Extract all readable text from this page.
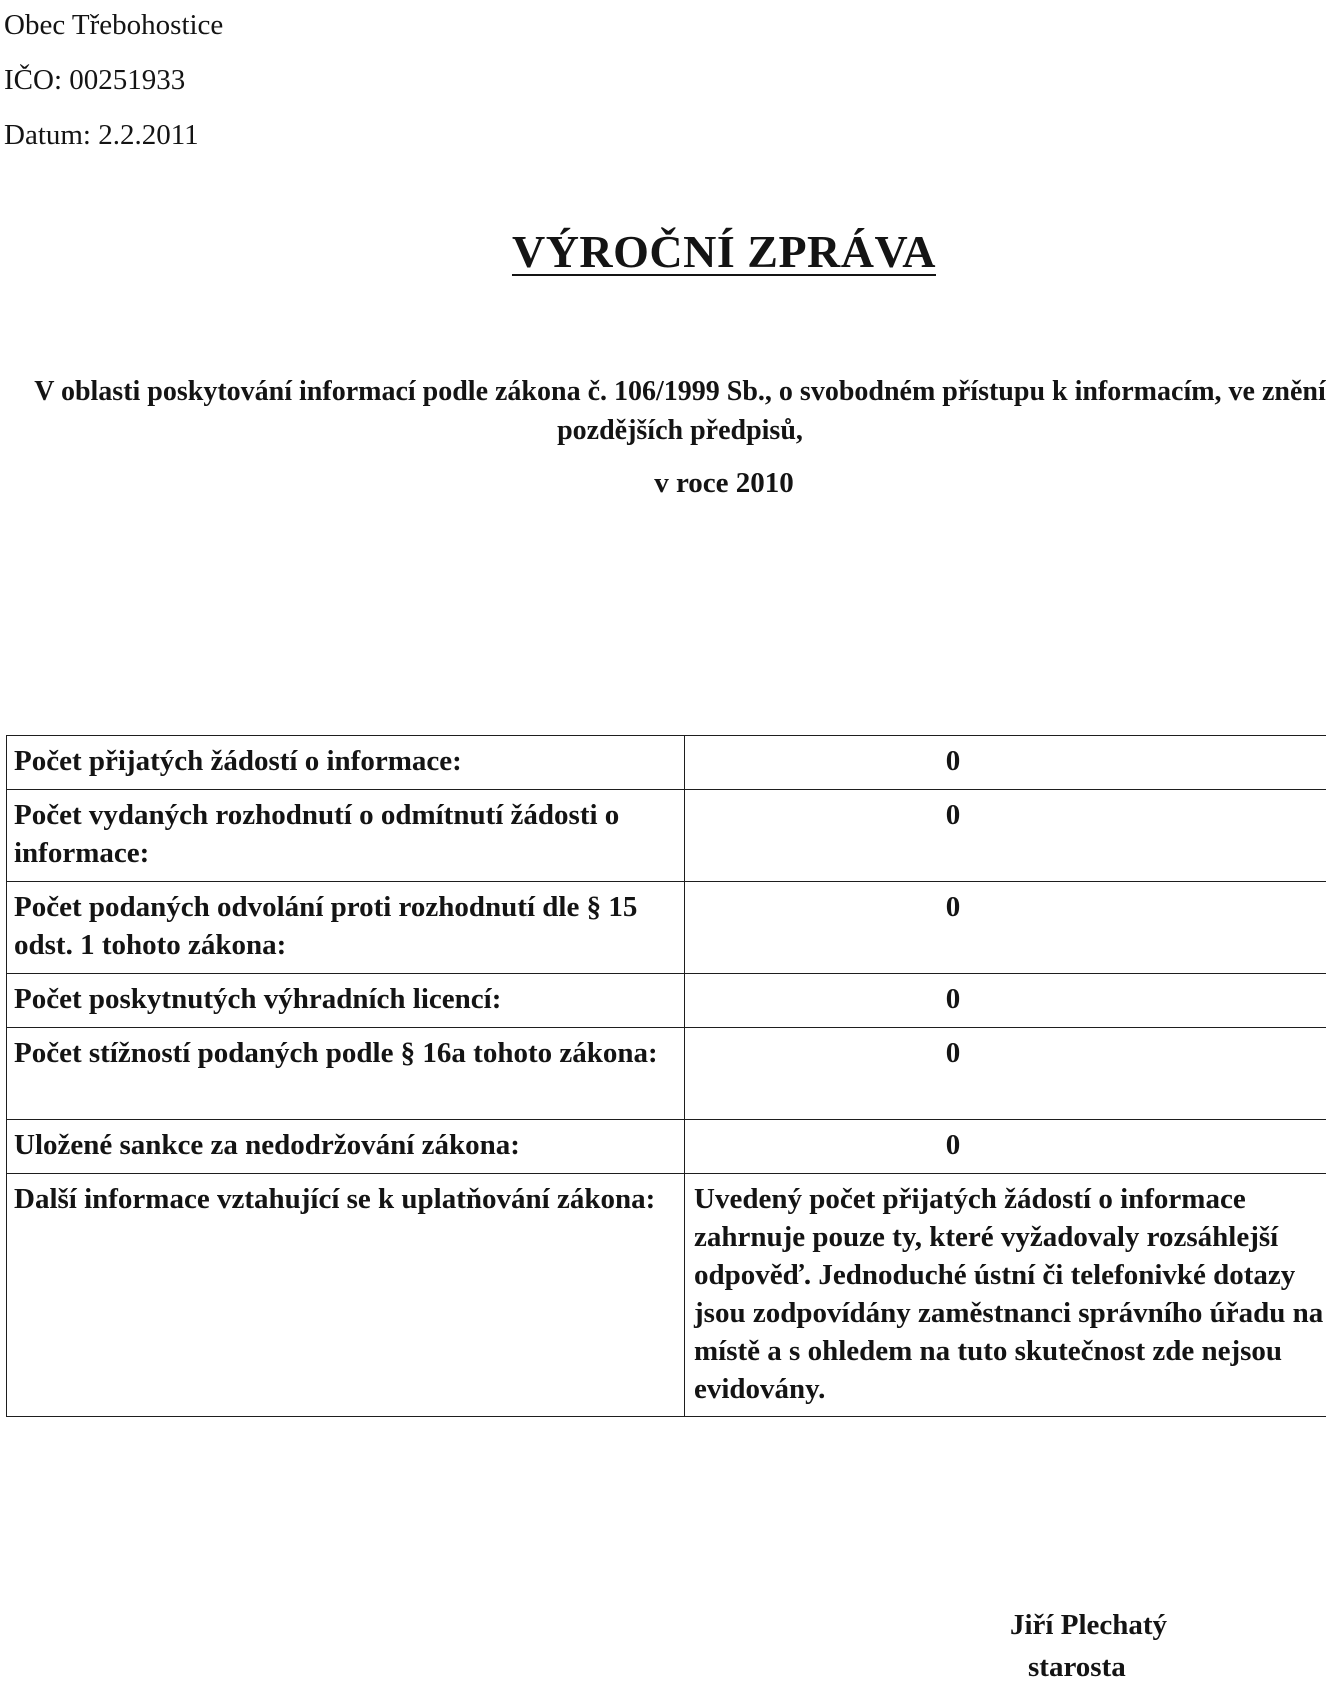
Obec Třebohostice
IČO: 00251933
Datum: 2.2.2011
VÝROČNÍ ZPRÁVA
V oblasti poskytování informací podle zákona č. 106/1999 Sb., o svobodném přístupu k informacím, ve znění pozdějších předpisů,
v roce 2010
Počet přijatých žádostí o informace:	0
Počet vydaných rozhodnutí o odmítnutí žádosti o informace:	0
Počet podaných odvolání proti rozhodnutí dle § 15 odst. 1 tohoto zákona:	0
Počet poskytnutých výhradních licencí:	0
Počet stížností podaných podle § 16a tohoto zákona:	0
Uložené sankce za nedodržování zákona:	0
Další informace vztahující se k uplatňování zákona:	Uvedený počet přijatých žádostí o informace zahrnuje pouze ty, které vyžadovaly rozsáhlejší odpověď. Jednoduché ústní či telefonivké dotazy jsou zodpovídány zaměstnanci správního úřadu na místě a s ohledem na tuto skutečnost zde nejsou evidovány.
Jiří Plechatý
starosta
